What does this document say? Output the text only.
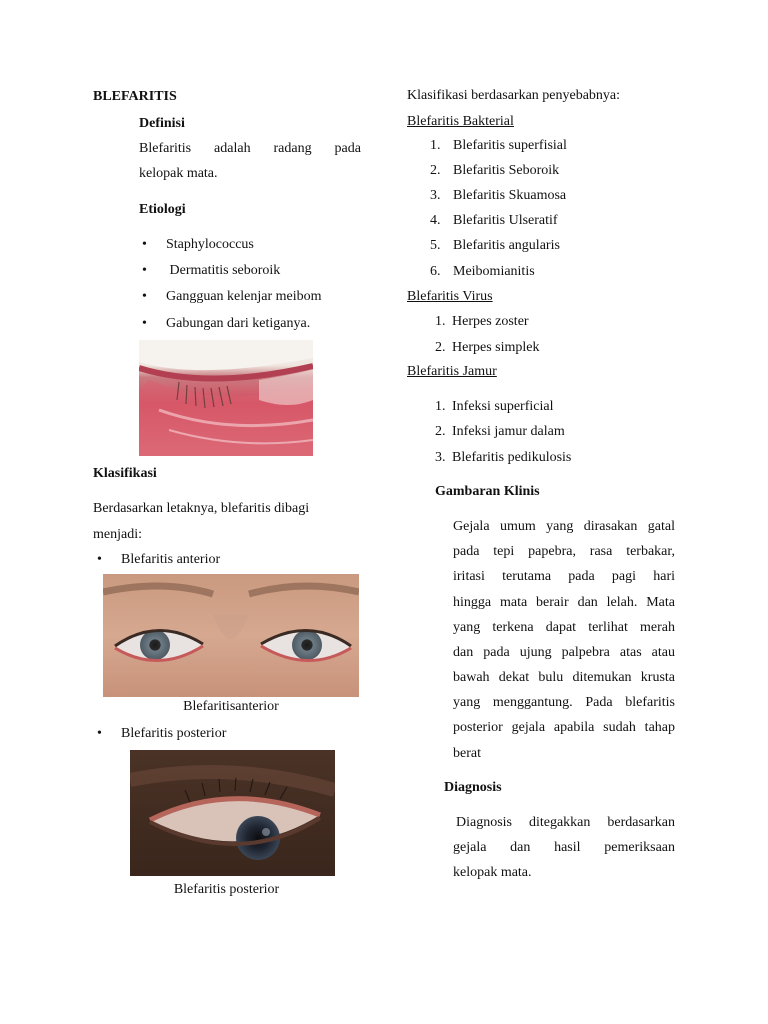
BLEFARITIS
Definisi
Blefaritis adalah radang pada
kelopak mata.
Etiologi
• Staphylococcus
• Dermatitis seboroik
• Gangguan kelenjar meibom
• Gabungan dari ketiganya.
Klasifikasi
Berdasarkan letaknya, blefaritis dibagi
menjadi:
• Blefaritis anterior
Blefaritisanterior
• Blefaritis posterior
Blefaritis posterior
Klasifikasi berdasarkan penyebabnya:
Blefaritis Bakterial
1. Blefaritis superfisial
2. Blefaritis Seboroik
3. Blefaritis Skuamosa
4. Blefaritis Ulseratif
5. Blefaritis angularis
6. Meibomianitis
Blefaritis Virus
1. Herpes zoster
2. Herpes simplek
Blefaritis Jamur
1. Infeksi superficial
2. Infeksi jamur dalam
3. Blefaritis pedikulosis
Gambaran Klinis
Gejala umum yang dirasakan gatal
pada tepi papebra, rasa terbakar,
iritasi terutama pada pagi hari
hingga mata berair dan lelah. Mata
yang terkena dapat terlihat merah
dan pada ujung palpebra atas atau
bawah dekat bulu ditemukan krusta
yang menggantung. Pada blefaritis
posterior gejala apabila sudah tahap
berat
Diagnosis
Diagnosis ditegakkan berdasarkan
gejala dan hasil pemeriksaan
kelopak mata.
